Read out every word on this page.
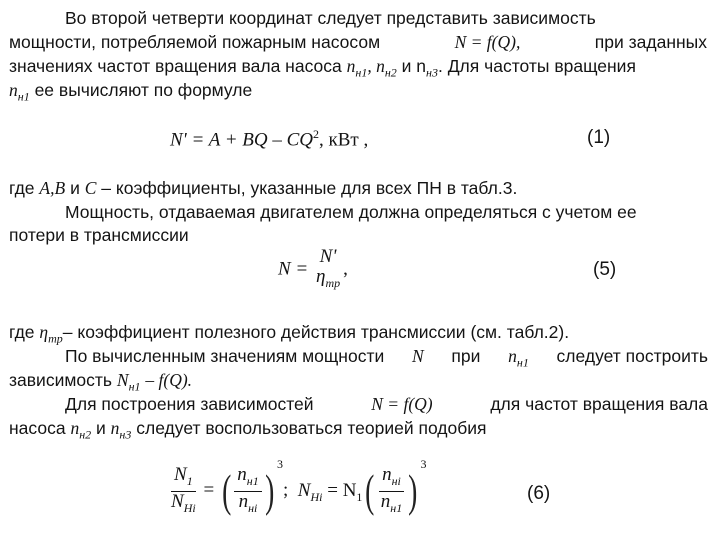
Во второй четверти координат следует представить зависимость
мощности, потребляемой пожарным насосом	N = f(Q),	при заданных
значениях частот вращения вала насоса $n_{н1}$, $n_{н2}$ и $n_{н3}$. Для частоты вращения
$n_{н1}$ ее вычисляют по формуле
N' = A + BQ – $CQ^2$, кВт ,	(1)
где A,B и C – коэффициенты, указанные для всех ПН в табл.3.
Мощность, отдаваемая двигателем должна определяться с учетом ее
потери в трансмиссии
N =
N'
$\eta_{тр}$
,	(5)
где $\eta_{тр}-$ коэффициент полезного действия трансмиссии (см. табл.2).
По вычисленным значениям мощности N при $n_{н1}$ следует построить
зависимость $N_{н1} - f(Q)$.
Для построения зависимостей	N = f(Q)	для частот вращения вала
насоса $n_{н2}$ и $n_{н3}$ следует воспользоваться теорией подобия
$\frac{N_1}{N_{Hi}}$ = ( $\frac{n_{н1}}{n_{нi}}$ )
$^3$; $N_{Hi} = N_1$ ( $\frac{n_{нi}}{n_{н1}}$ )
$^3$
(6)
